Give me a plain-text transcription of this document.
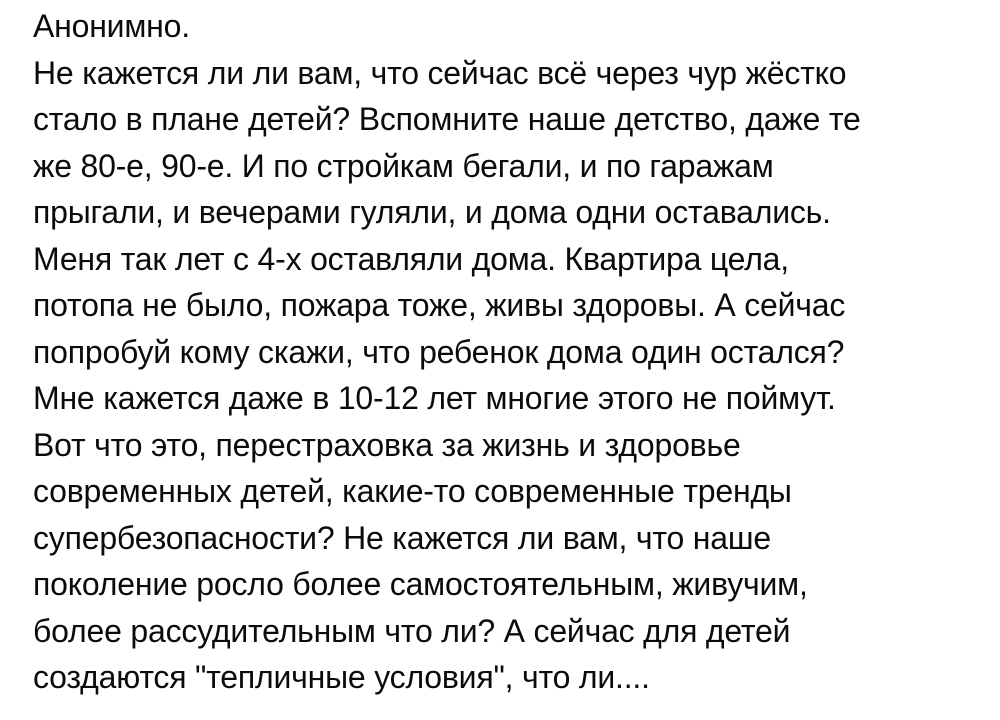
Анонимно.
Не кажется ли ли вам, что сейчас всё через чур жёстко
стало в плане детей? Вспомните наше детство, даже те
же 80-е, 90-е. И по стройкам бегали, и по гаражам
прыгали, и вечерами гуляли, и дома одни оставались.
Меня так лет с 4-х оставляли дома. Квартира цела,
потопа не было, пожара тоже, живы здоровы. А сейчас
попробуй кому скажи, что ребенок дома один остался?
Мне кажется даже в 10-12 лет многие этого не поймут.
Вот что это, перестраховка за жизнь и здоровье
современных детей, какие-то современные тренды
супербезопасности? Не кажется ли вам, что наше
поколение росло более самостоятельным, живучим,
более рассудительным что ли? А сейчас для детей
создаются "тепличные условия", что ли....
